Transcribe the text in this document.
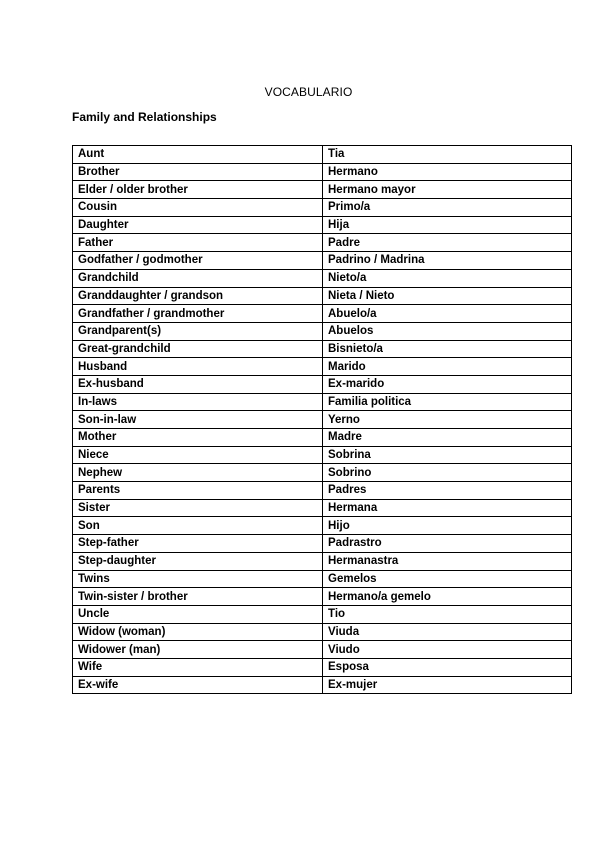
VOCABULARIO
Family and Relationships
Aunt	Tia
Brother	Hermano
Elder / older brother	Hermano mayor
Cousin	Primo/a
Daughter	Hija
Father	Padre
Godfather / godmother	Padrino / Madrina
Grandchild	Nieto/a
Granddaughter / grandson	Nieta / Nieto
Grandfather / grandmother	Abuelo/a
Grandparent(s)	Abuelos
Great-grandchild	Bisnieto/a
Husband	Marido
Ex-husband	Ex-marido
In-laws	Familia politica
Son-in-law	Yerno
Mother	Madre
Niece	Sobrina
Nephew	Sobrino
Parents	Padres
Sister	Hermana
Son	Hijo
Step-father	Padrastro
Step-daughter	Hermanastra
Twins	Gemelos
Twin-sister / brother	Hermano/a gemelo
Uncle	Tio
Widow (woman)	Viuda
Widower (man)	Viudo
Wife	Esposa
Ex-wife	Ex-mujer
